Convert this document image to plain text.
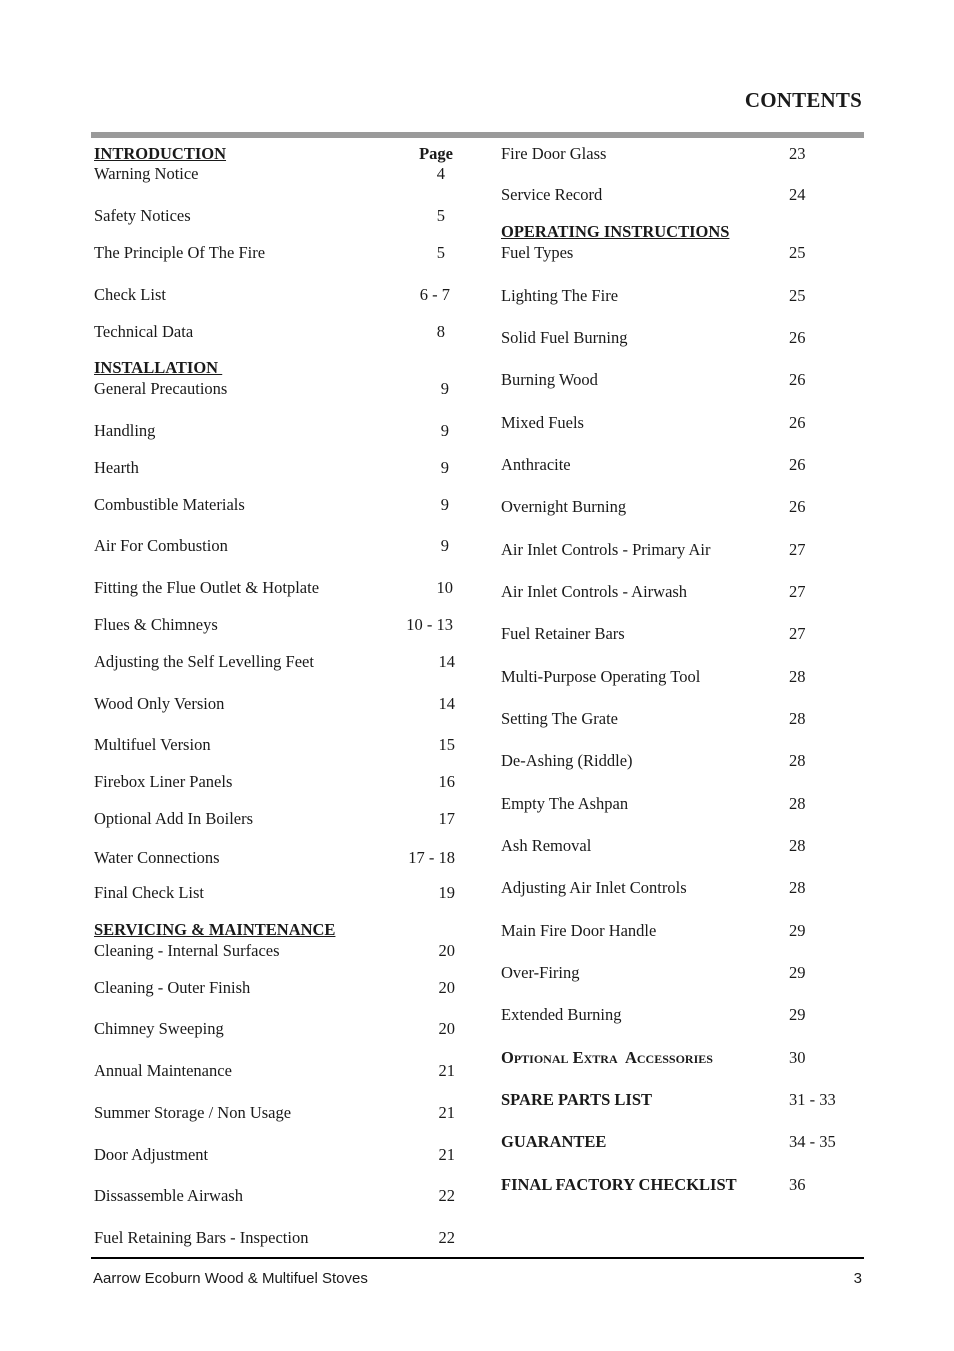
CONTENTS
INTRODUCTION	Page
Warning Notice	4
Safety Notices	5
The Principle Of The Fire	5
Check List	6 - 7
Technical Data	8
INSTALLATION
General Precautions	9
Handling	9
Hearth	9
Combustible Materials	9
Air For Combustion	9
Fitting the Flue Outlet & Hotplate	10
Flues & Chimneys	10 - 13
Adjusting the Self Levelling Feet	14
Wood Only Version	14
Multifuel Version	15
Firebox Liner Panels	16
Optional Add In Boilers	17
Water Connections	17 - 18
Final Check List	19
SERVICING & MAINTENANCE
Cleaning - Internal Surfaces	20
Cleaning - Outer Finish	20
Chimney Sweeping	20
Annual Maintenance	21
Summer Storage / Non Usage	21
Door Adjustment	21
Dissassemble Airwash	22
Fuel Retaining Bars - Inspection	22
Fire Door Glass	23
Service Record	24
OPERATING INSTRUCTIONS
Fuel Types	25
Lighting The Fire	25
Solid Fuel Burning	26
Burning Wood	26
Mixed Fuels	26
Anthracite	26
Overnight Burning	26
Air Inlet Controls - Primary Air	27
Air Inlet Controls - Airwash	27
Fuel Retainer Bars	27
Multi-Purpose Operating Tool	28
Setting The Grate	28
De-Ashing (Riddle)	28
Empty The Ashpan	28
Ash Removal	28
Adjusting Air Inlet Controls	28
Main Fire Door Handle	29
Over-Firing	29
Extended Burning	29
Optional Extra  Accessories	30
SPARE PARTS LIST	31 - 33
GUARANTEE	34 - 35
FINAL FACTORY CHECKLIST	36
Aarrow Ecoburn Wood & Multifuel Stoves	3
